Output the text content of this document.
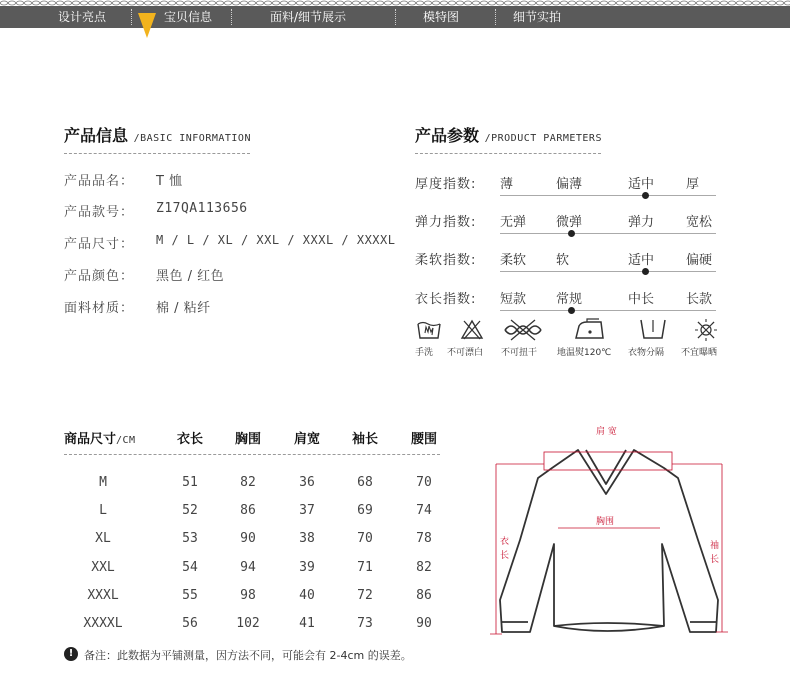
设计亮点	宝贝信息	面料/细节展示	模特图	细节实拍
产品信息 /BASIC INFORMATION
产品品名： T 恤
产品款号： Z17QA113656
产品尺寸： M / L / XL / XXL / XXXL / XXXXL
产品颜色： 黑色 / 红色
面料材质： 棉 / 粘纤
产品参数 /PRODUCT PARMETERS
厚度指数: 薄	偏薄	适中 厚
弹力指数: 无弹 微弹	弹力 宽松
柔软指数: 柔软 软	适中 偏硬
衣长指数: 短款 常规	中长 长款
手洗 不可漂白 不可扭干 地温熨120℃ 衣物分隔 不宜曝晒
商品尺寸/CM	衣长	胸围	肩宽	袖长	腰围
M	51	82	36	68	70
L	52	86	37	69	74
XL	53	90	38	70	78
XXL	54	94	39	71	82
XXXL	55	98	40	72	86
XXXXL	56	102	41	73	90
! 备注：此数据为平铺测量，因方法不同，可能会有 2-4cm 的误差。
肩 宽
胸围
衣
长
袖
长
